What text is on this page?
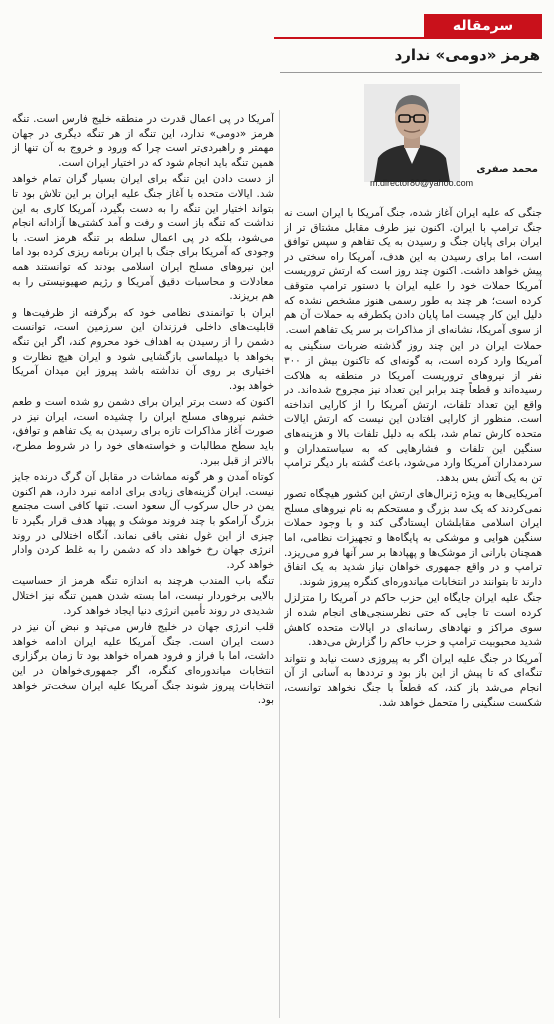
سرمقاله
هرمز «دومی» ندارد
محمد صفری
m.director80@yahoo.com

جنگی که علیه ایران آغاز شده، جنگ آمریکا با ایران است نه جنگ ترامپ با ایران. اکنون نیز طرف مقابل مشتاق تر از ایران برای پایان جنگ و رسیدن به یک تفاهم و سپس توافق است، اما برای رسیدن به این هدف، آمریکا راه سختی در پیش خواهد داشت. اکنون چند روز است که ارتش تروریست آمریکا حملات خود را علیه ایران با دستور ترامپ متوقف کرده است؛ هر چند به طور رسمی هنوز مشخص نشده که دلیل این کار چیست اما پایان دادن یکطرفه به حملات آن هم از سوی آمریکا، نشانه‌ای از مذاکرات بر سر یک تفاهم است.

حملات ایران در این چند روز گذشته ضربات سنگینی به آمریکا وارد کرده است، به گونه‌ای که تاکنون بیش از ۳۰۰ نفر از نیروهای تروریست آمریکا در منطقه به هلاکت رسیده‌اند و قطعاً چند برابر این تعداد نیز مجروح شده‌اند. در واقع این تعداد تلفات، ارتش آمریکا را از کارایی انداخته است. منظور از کارایی افتادن این نیست که ارتش ایالات متحده کارش تمام شد، بلکه به دلیل تلفات بالا و هزینه‌های سنگین این تلفات و فشارهایی که به سیاستمداران و سردمداران آمریکا وارد می‌شود، باعث گشته بار دیگر ترامپ تن به یک آتش بس بدهد.

آمریکایی‌ها به ویژه ژنرال‌های ارتش این کشور هیچگاه تصور نمی‌کردند که یک سد بزرگ و مستحکم به نام نیروهای مسلح ایران اسلامی مقابلشان ایستادگی کند و با وجود حملات سنگین هوایی و موشکی به پایگاه‌ها و تجهیزات نظامی، اما همچنان بارانی از موشک‌ها و پهپادها بر سر آنها فرو می‌ریزد. ترامپ و در واقع جمهوری خواهان نیاز شدید به یک اتفاق دارند تا بتوانند در انتخابات میاندوره‌ای کنگره پیروز شوند.

جنگ علیه ایران جایگاه این حزب حاکم در آمریکا را متزلزل کرده است تا جایی که حتی نظرسنجی‌های انجام شده از سوی مراکز و نهادهای رسانه‌ای در ایالات متحده کاهش شدید محبوبیت ترامپ و حزب حاکم را گزارش می‌دهد.

آمریکا در جنگ علیه ایران اگر به پیروزی دست نیابد و نتواند تنگه‌ای که تا پیش از این باز بود و ترددها به آسانی از آن انجام می‌شد باز کند، که قطعاً با جنگ نخواهد توانست، شکست سنگینی را متحمل خواهد شد.

آمریکا در پی اعمال قدرت در منطقه خلیج فارس است. تنگه هرمز «دومی» ندارد، این تنگه از هر تنگه دیگری در جهان مهمتر و راهبردی‌تر است چرا که ورود و خروج به آن تنها از همین تنگه باید انجام شود که در اختیار ایران است.

از دست دادن این تنگه برای ایران بسیار گران تمام خواهد شد. ایالات متحده با آغاز جنگ علیه ایران بر این تلاش بود تا بتواند اختیار این تنگه را به دست بگیرد، آمریکا کاری به این نداشت که تنگه باز است و رفت و آمد کشتی‌ها آزادانه انجام می‌شود، بلکه در پی اعمال سلطه بر تنگه هرمز است. با وجودی که آمریکا برای جنگ با ایران برنامه ریزی کرده بود اما این نیروهای مسلح ایران اسلامی بودند که توانستند همه معادلات و محاسبات دقیق آمریکا و رژیم صهیونیستی را به هم بریزند.

ایران با توانمندی نظامی خود که برگرفته از ظرفیت‌ها و قابلیت‌های داخلی فرزندان این سرزمین است، توانست دشمن را از رسیدن به اهداف خود محروم کند، اگر این تنگه بخواهد با دیپلماسی بازگشایی شود و ایران هیچ نظارت و اختیاری بر روی آن نداشته باشد پیروز این میدان آمریکا خواهد بود.

اکنون که دست برتر ایران برای دشمن رو شده است و طعم خشم نیروهای مسلح ایران را چشیده است، ایران نیز در صورت آغاز مذاکرات تازه برای رسیدن به یک تفاهم و توافق، باید سطح مطالبات و خواسته‌های خود را در شروط مطرح، بالاتر از قبل ببرد.

کوتاه آمدن و هر گونه مماشات در مقابل آن گرگ درنده جایز نیست. ایران گزینه‌های زیادی برای ادامه نبرد دارد، هم اکنون یمن در حال سرکوب آل سعود است. تنها کافی است مجتمع بزرگ آرامکو با چند فروند موشک و پهپاد هدف قرار بگیرد تا چیزی از این غول نفتی باقی نماند. آنگاه اختلالی در روند انرژی جهان رخ خواهد داد که دشمن را به غلط کردن وادار خواهد کرد.

تنگه باب المندب هرچند به اندازه تنگه هرمز از حساسیت بالایی برخوردار نیست، اما بسته شدن همین تنگه نیز اختلال شدیدی در روند تأمین انرژی دنیا ایجاد خواهد کرد.

قلب انرژی جهان در خلیج فارس می‌تپد و نبض آن نیز در دست ایران است. جنگ آمریکا علیه ایران ادامه خواهد داشت، اما با فراز و فرود همراه خواهد بود تا زمان برگزاری انتخابات میاندوره‌ای کنگره، اگر جمهوری‌خواهان در این انتخابات پیروز شوند جنگ آمریکا علیه ایران سخت‌تر خواهد بود.
